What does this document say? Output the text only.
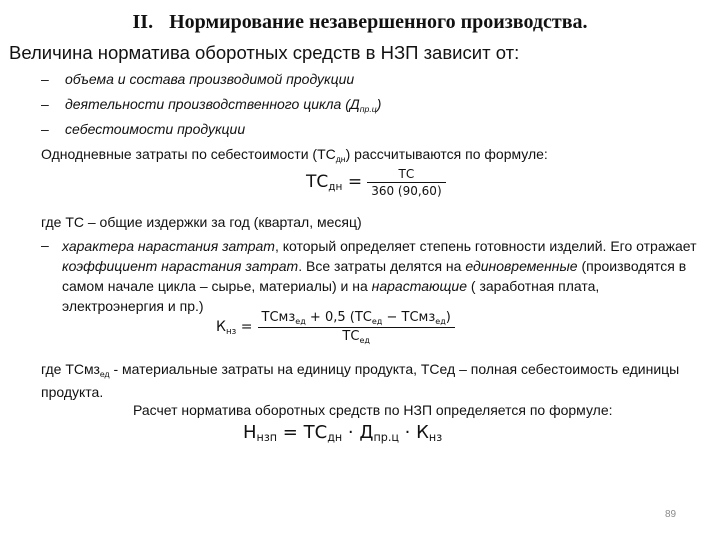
II. Нормирование незавершенного производства.
Величина норматива оборотных средств в НЗП зависит от:
– объема и состава производимой продукции
– деятельности производственного цикла $(Д_{пр.ц})$
– себестоимости продукции
Однодневные затраты по себестоимости $(ТС_{дн})$ рассчитываются по формуле:
$ТС_{дн} = \frac{ТС}{360 (90,60)}$
где ТС – общие издержки за год (квартал, месяц)
– характера нарастания затрат, который определяет степень готовности изделий. Его отражает коэффициент нарастания затрат. Все затраты делятся на единовременные (производятся в самом начале цикла – сырье, материалы) и на нарастающие ( заработная плата, электроэнергия и пр.)
$К_{нз} = \frac{ТСмз_{ед} + 0,5 (ТС_{ед} - ТСмз_{ед})}{ТС_{ед}}$
где ТСмз$_{ед}$ - материальные затраты на единицу продукта, ТСед – полная себестоимость единицы продукта.
Расчет норматива оборотных средств по НЗП определяется по формуле:
$Н_{нзп} = ТС_{дн} \cdot Д_{пр.ц} \cdot К_{нз}$
89
